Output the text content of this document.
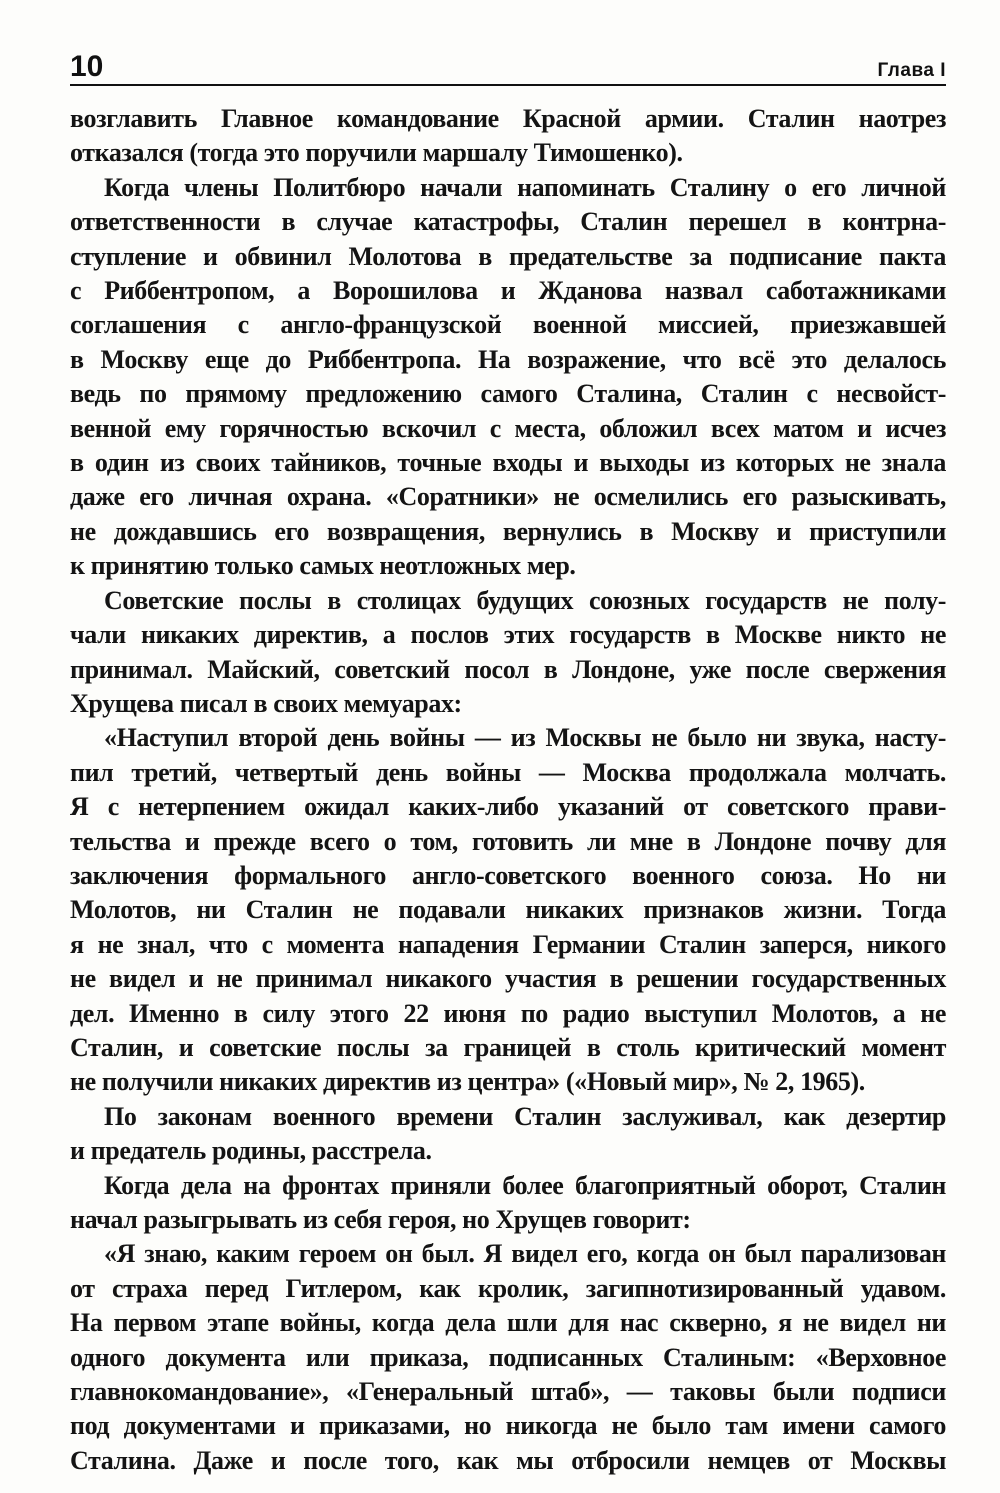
10	Глава I
возглавить Главное командование Красной армии. Сталин наотрез
отказался (тогда это поручили маршалу Тимошенко).
Когда члены Политбюро начали напоминать Сталину о его личной
ответственности в случае катастрофы, Сталин перешел в контрна-
ступление и обвинил Молотова в предательстве за подписание пакта
с Риббентропом, а Ворошилова и Жданова назвал саботажниками
соглашения с англо-французской военной миссией, приезжавшей
в Москву еще до Риббентропа. На возражение, что всё это делалось
ведь по прямому предложению самого Сталина, Сталин с несвойст-
венной ему горячностью вскочил с места, обложил всех матом и исчез
в один из своих тайников, точные входы и выходы из которых не знала
даже его личная охрана. «Соратники» не осмелились его разыскивать,
не дождавшись его возвращения, вернулись в Москву и приступили
к принятию только самых неотложных мер.
Советские послы в столицах будущих союзных государств не полу-
чали никаких директив, а послов этих государств в Москве никто не
принимал. Майский, советский посол в Лондоне, уже после свержения
Хрущева писал в своих мемуарах:
«Наступил второй день войны — из Москвы не было ни звука, насту-
пил третий, четвертый день войны — Москва продолжала молчать.
Я с нетерпением ожидал каких-либо указаний от советского прави-
тельства и прежде всего о том, готовить ли мне в Лондоне почву для
заключения формального англо-советского военного союза. Но ни
Молотов, ни Сталин не подавали никаких признаков жизни. Тогда
я не знал, что с момента нападения Германии Сталин заперся, никого
не видел и не принимал никакого участия в решении государственных
дел. Именно в силу этого 22 июня по радио выступил Молотов, а не
Сталин, и советские послы за границей в столь критический момент
не получили никаких директив из центра» («Новый мир», № 2, 1965).
По законам военного времени Сталин заслуживал, как дезертир
и предатель родины, расстрела.
Когда дела на фронтах приняли более благоприятный оборот, Сталин
начал разыгрывать из себя героя, но Хрущев говорит:
«Я знаю, каким героем он был. Я видел его, когда он был парализован
от страха перед Гитлером, как кролик, загипнотизированный удавом.
На первом этапе войны, когда дела шли для нас скверно, я не видел ни
одного документа или приказа, подписанных Сталиным: «Верховное
главнокомандование», «Генеральный штаб», — таковы были подписи
под документами и приказами, но никогда не было там имени самого
Сталина. Даже и после того, как мы отбросили немцев от Москвы
